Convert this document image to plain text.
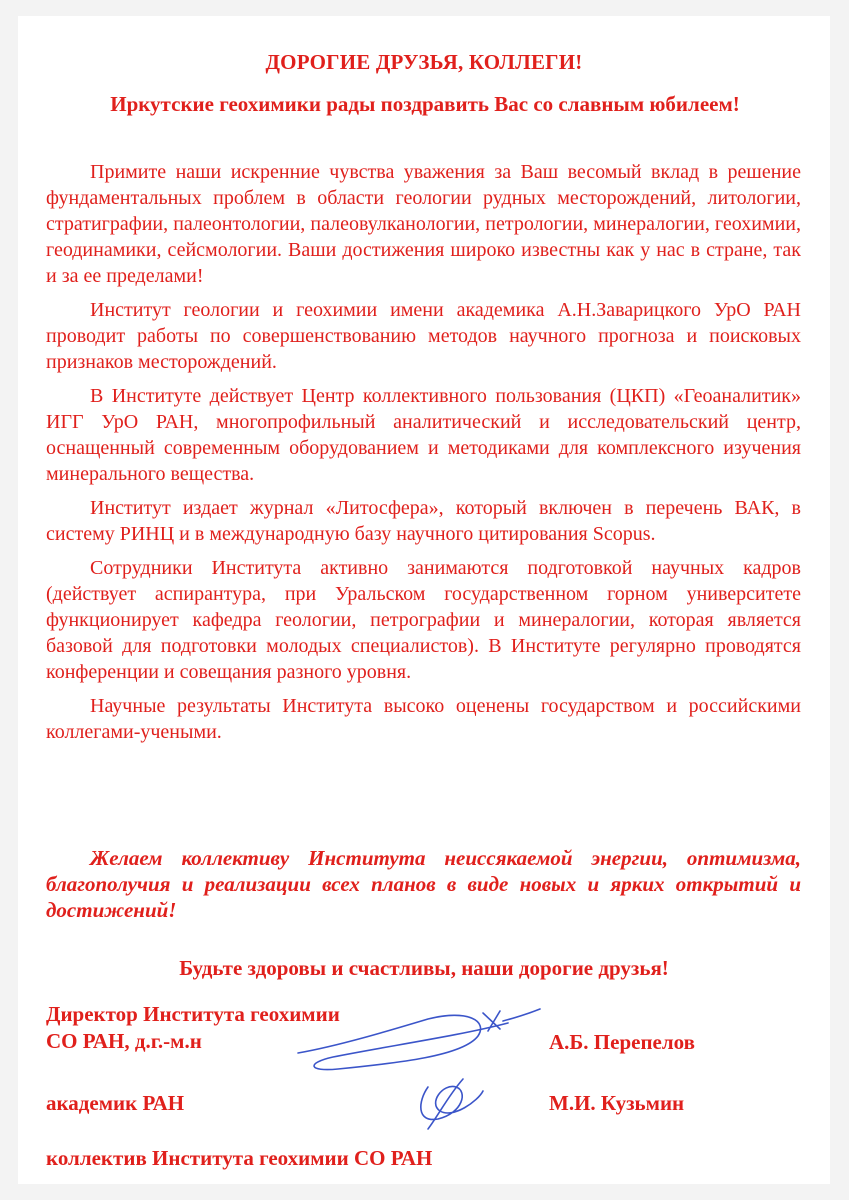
ДОРОГИЕ ДРУЗЬЯ, КОЛЛЕГИ!
Иркутские геохимики рады поздравить Вас со славным юбилеем!

Примите наши искренние чувства уважения за Ваш весомый вклад в решение фундаментальных проблем в области геологии рудных месторождений, литологии, стратиграфии, палеонтологии, палеовулканологии, петрологии, минералогии, геохимии, геодинамики, сейсмологии. Ваши достижения широко известны как у нас в стране, так и за ее пределами!

Институт геологии и геохимии имени академика А.Н.Заварицкого УрО РАН проводит работы по совершенствованию методов научного прогноза и поисковых признаков месторождений.

В Институте действует Центр коллективного пользования (ЦКП) «Геоаналитик» ИГГ УрО РАН, многопрофильный аналитический и исследовательский центр, оснащенный современным оборудованием и методиками для комплексного изучения минерального вещества.

Институт издает журнал «Литосфера», который включен в перечень ВАК, в систему РИНЦ и в международную базу научного цитирования Scopus.

Сотрудники Института активно занимаются подготовкой научных кадров (действует аспирантура, при Уральском государственном горном университете функционирует кафедра геологии, петрографии и минералогии, которая является базовой для подготовки молодых специалистов). В Институте регулярно проводятся конференции и совещания разного уровня.

Научные результаты Института высоко оценены государством и российскими коллегами-учеными.

Желаем коллективу Института неиссякаемой энергии, оптимизма, благополучия и реализации всех планов в виде новых и ярких открытий и достижений!
Будьте здоровы и счастливы, наши дорогие друзья!
Директор Института геохимии
СО РАН, д.г.-м.н	А.Б. Перепелов
академик РАН	М.И. Кузьмин
коллектив Института геохимии СО РАН
